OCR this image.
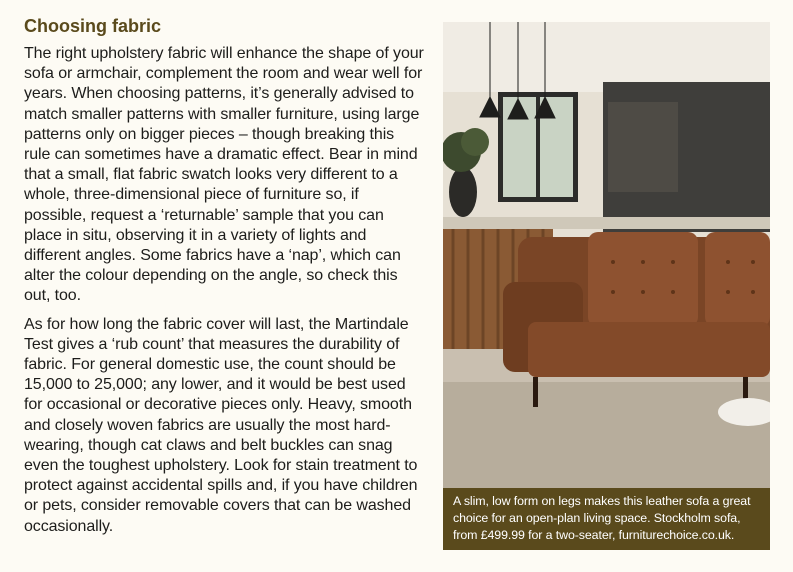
Choosing fabric

The right upholstery fabric will enhance the shape of your sofa or armchair, complement the room and wear well for years. When choosing patterns, it’s generally advised to match smaller patterns with smaller furniture, using large patterns only on bigger pieces – though breaking this rule can sometimes have a dramatic effect. Bear in mind that a small, flat fabric swatch looks very different to a whole, three-dimensional piece of furniture so, if possible, request a ‘returnable’ sample that you can place in situ, observing it in a variety of lights and different angles. Some fabrics have a ‘nap’, which can alter the colour depending on the angle, so check this out, too.

As for how long the fabric cover will last, the Martindale Test gives a ‘rub count’ that measures the durability of fabric. For general domestic use, the count should be 15,000 to 25,000; any lower, and it would be best used for occasional or decorative pieces only. Heavy, smooth and closely woven fabrics are usually the most hard-wearing, though cat claws and belt buckles can snag even the toughest upholstery. Look for stain treatment to protect against accidental spills and, if you have children or pets, consider removable covers that can be washed occasionally.

A slim, low form on legs makes this leather sofa a great choice for an open-plan living space. Stockholm sofa, from £499.99 for a two-seater, furniturechoice.co.uk.
